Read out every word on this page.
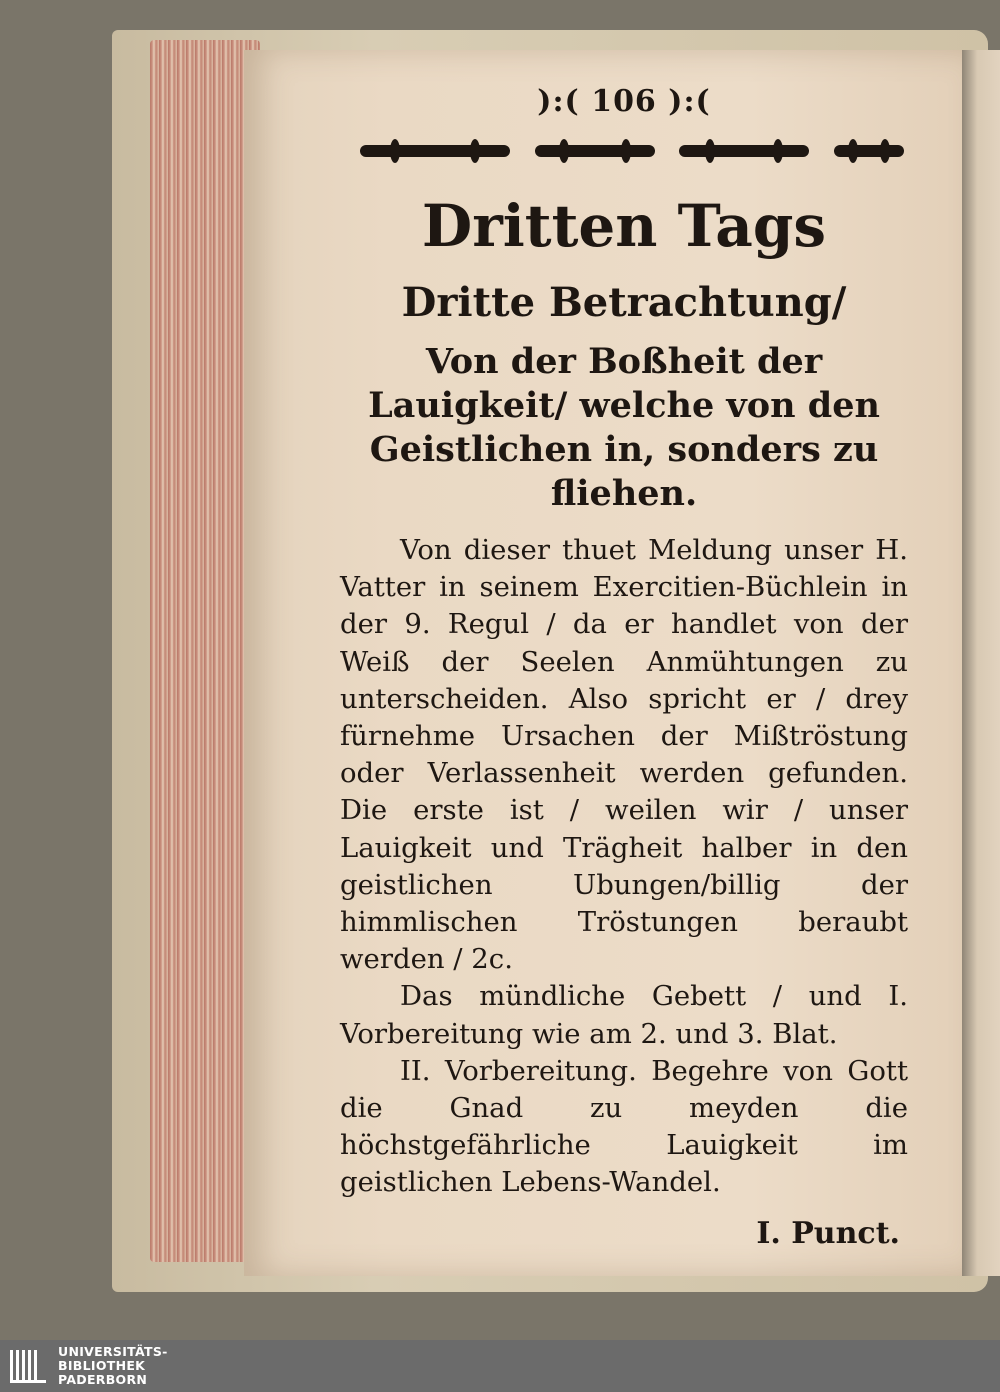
):( 106 ):(
Dritten Tags
Dritte Betrachtung/
Von der Boßheit der Lauigkeit/ welche von den Geistlichen in, sonders zu fliehen.

Von dieser thuet Meldung unser H. Vatter in seinem Exercitien-Büchlein in der 9. Regul / da er handlet von der Weiß der Seelen Anmühtungen zu unterscheiden. Also spricht er / drey fürnehme Ursachen der Mißtröstung oder Verlassenheit werden gefunden. Die erste ist / weilen wir / unser Lauigkeit und Trägheit halber in den geistlichen Ubungen/billig der himmlischen Tröstungen beraubt werden / 2c.

Das mündliche Gebett / und I. Vorbereitung wie am 2. und 3. Blat.

II. Vorbereitung. Begehre von Gott die Gnad zu meyden die höchstgefährliche Lauigkeit im geistlichen Lebens-Wandel.

I. Punct.
UNIVERSITÄTS-
BIBLIOTHEK
PADERBORN
